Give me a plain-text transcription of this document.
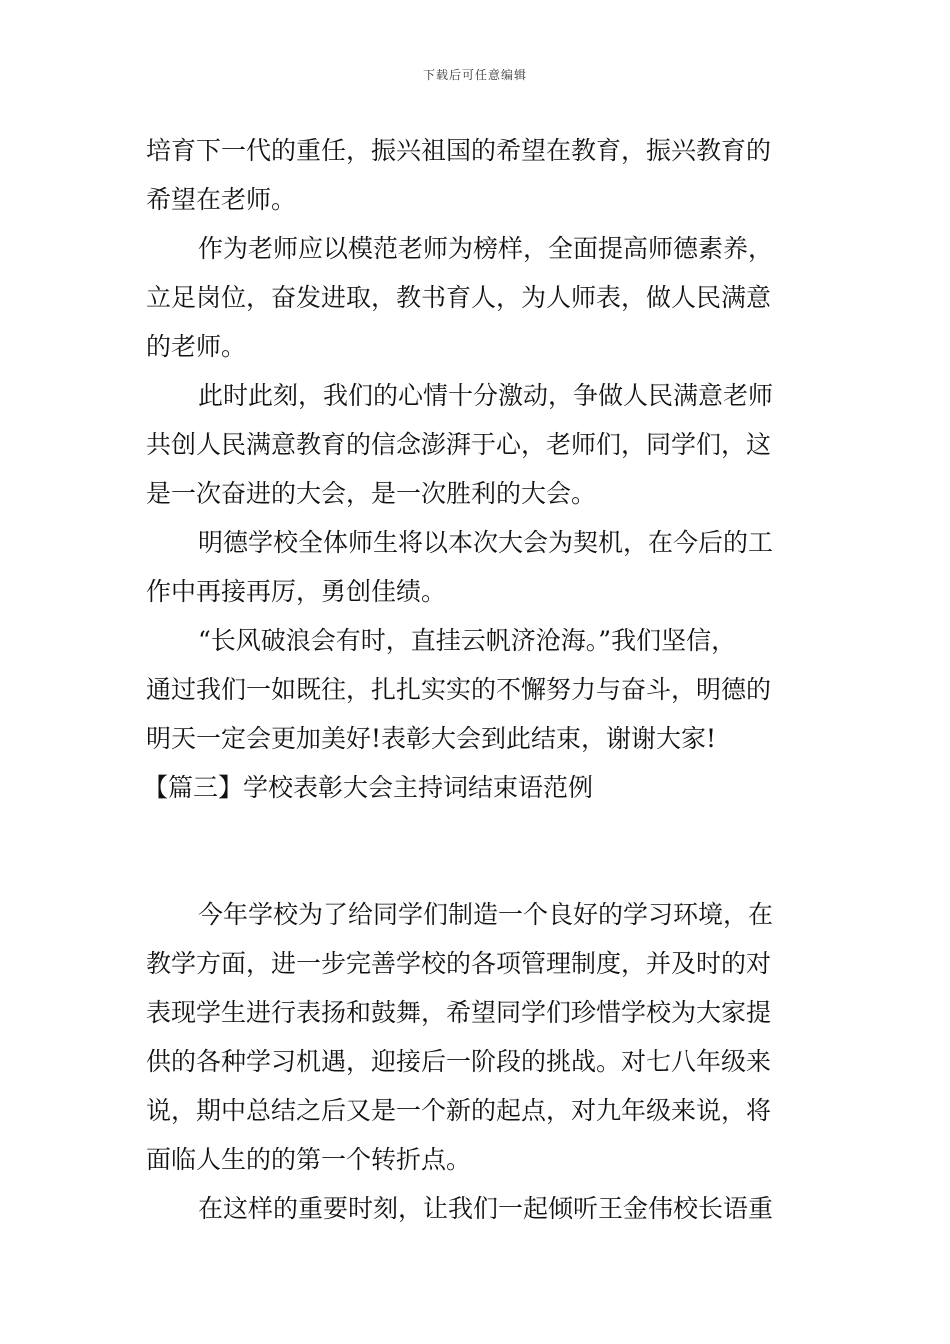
下载后可任意编辑
培育下一代的重任，振兴祖国的希望在教育，振兴教育的
希望在老师。
作为老师应以模范老师为榜样，全面提高师德素养，
立足岗位，奋发进取，教书育人，为人师表，做人民满意
的老师。
此时此刻，我们的心情十分激动，争做人民满意老师
共创人民满意教育的信念澎湃于心，老师们，同学们，这
是一次奋进的大会，是一次胜利的大会。
明德学校全体师生将以本次大会为契机，在今后的工
作中再接再厉，勇创佳绩。
“长风破浪会有时，直挂云帆济沧海。”我们坚信，
通过我们一如既往，扎扎实实的不懈努力与奋斗，明德的
明天一定会更加美好!表彰大会到此结束，谢谢大家!
【篇三】学校表彰大会主持词结束语范例
今年学校为了给同学们制造一个良好的学习环境，在
教学方面，进一步完善学校的各项管理制度，并及时的对
表现学生进行表扬和鼓舞，希望同学们珍惜学校为大家提
供的各种学习机遇，迎接后一阶段的挑战。对七八年级来
说，期中总结之后又是一个新的起点，对九年级来说，将
面临人生的的第一个转折点。
在这样的重要时刻，让我们一起倾听王金伟校长语重
